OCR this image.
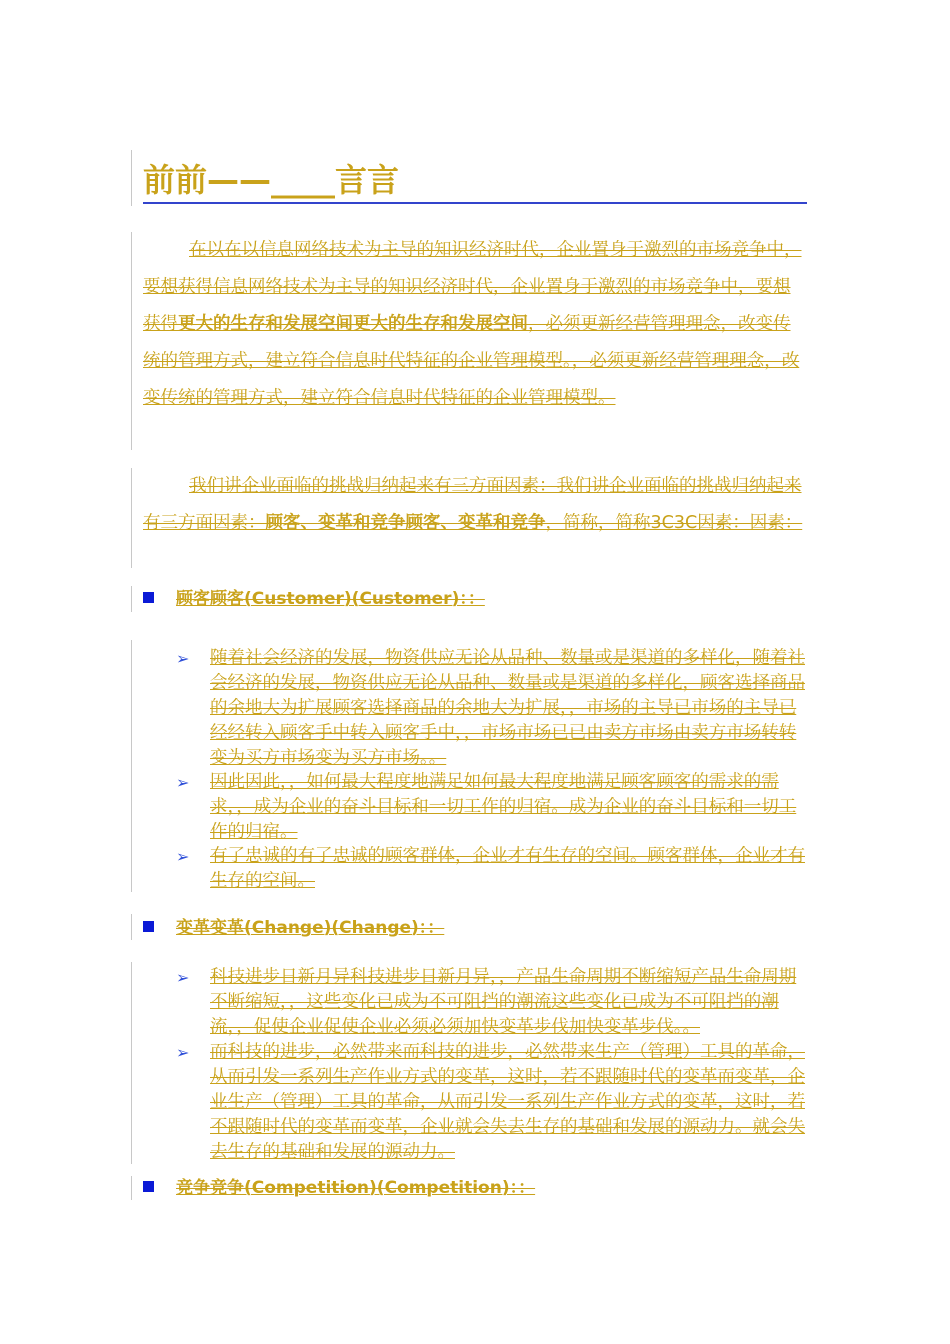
前前——____言言
在以在以信息网络技术为主导的知识经济时代，企业置身于激烈的市场竞争中，要想获得信息网络技术为主导的知识经济时代，企业置身于激烈的市场竞争中，要想获得更大的生存和发展空间更大的生存和发展空间，必须更新经营管理理念，改变传统的管理方式，建立符合信息时代特征的企业管理模型。，必须更新经营管理理念，改变传统的管理方式，建立符合信息时代特征的企业管理模型。
我们讲企业面临的挑战归纳起来有三方面因素：我们讲企业面临的挑战归纳起来有三方面因素：顾客、变革和竞争顾客、变革和竞争，简称，简称3C3C因素：因素：
顾客顾客(Customer)(Customer)：：
➢	随着社会经济的发展，物资供应无论从品种、数量或是渠道的多样化，随着社会经济的发展，物资供应无论从品种、数量或是渠道的多样化，顾客选择商品的余地大为扩展顾客选择商品的余地大为扩展，，市场的主导已市场的主导已经经转入顾客手中转入顾客手中，，市场市场已已由卖方市场由卖方市场转转变为买方市场变为买方市场。。
➢	因此因此，，如何最大程度地满足如何最大程度地满足顾客顾客的需求的需求，，成为企业的奋斗目标和一切工作的归宿。成为企业的奋斗目标和一切工作的归宿。
➢	有了忠诚的有了忠诚的顾客群体，企业才有生存的空间。顾客群体，企业才有生存的空间。
变革变革(Change)(Change)：：
➢	科技进步日新月异科技进步日新月异，，产品生命周期不断缩短产品生命周期不断缩短，，这些变化已成为不可阻挡的潮流这些变化已成为不可阻挡的潮流，，促使企业促使企业必须必须加快变革步伐加快变革步伐。。
➢	而科技的进步，必然带来而科技的进步，必然带来生产（管理）工具的革命，从而引发一系列生产作业方式的变革，这时，若不跟随时代的变革而变革，企业生产（管理）工具的革命，从而引发一系列生产作业方式的变革，这时，若不跟随时代的变革而变革，企业就会失去生存的基础和发展的源动力。就会失去生存的基础和发展的源动力。
竞争竞争(Competition)(Competition)：：
